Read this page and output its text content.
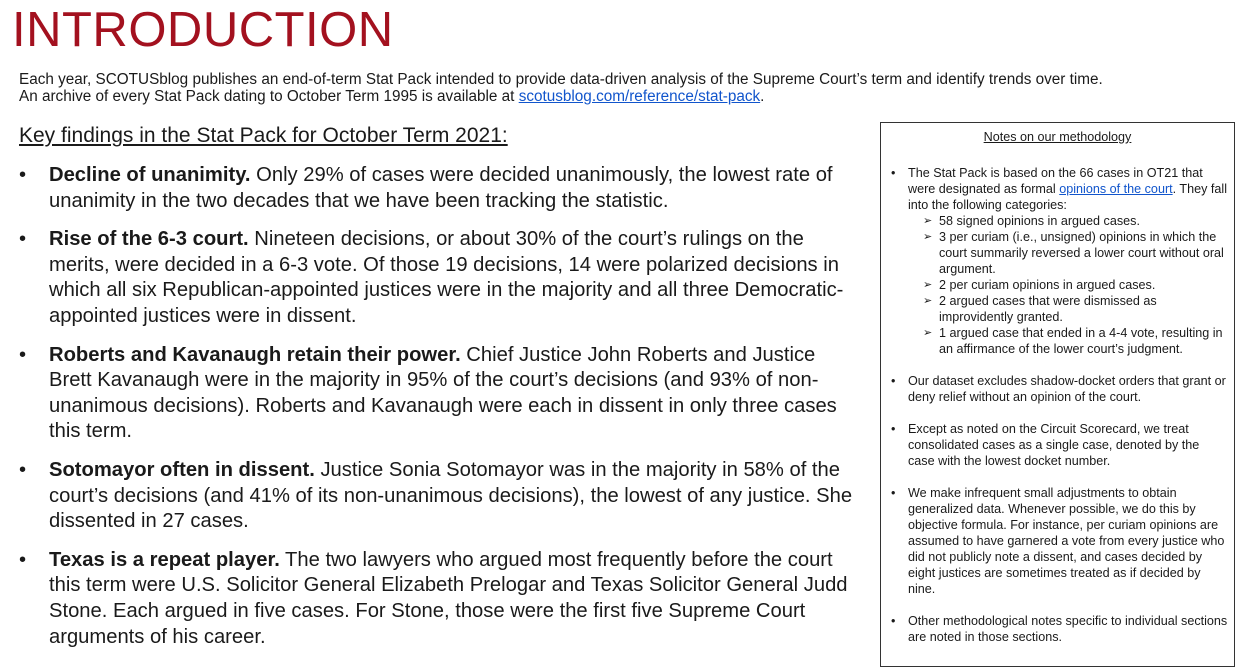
INTRODUCTION
Each year, SCOTUSblog publishes an end-of-term Stat Pack intended to provide data-driven analysis of the Supreme Court’s term and identify trends over time.
An archive of every Stat Pack dating to October Term 1995 is available at scotusblog.com/reference/stat-pack.
Key findings in the Stat Pack for October Term 2021:
• Decline of unanimity. Only 29% of cases were decided unanimously, the lowest rate of unanimity in the two decades that we have been tracking the statistic.
• Rise of the 6-3 court. Nineteen decisions, or about 30% of the court’s rulings on the merits, were decided in a 6-3 vote. Of those 19 decisions, 14 were polarized decisions in which all six Republican-appointed justices were in the majority and all three Democratic-appointed justices were in dissent.
• Roberts and Kavanaugh retain their power. Chief Justice John Roberts and Justice Brett Kavanaugh were in the majority in 95% of the court’s decisions (and 93% of non-unanimous decisions). Roberts and Kavanaugh were each in dissent in only three cases this term.
• Sotomayor often in dissent. Justice Sonia Sotomayor was in the majority in 58% of the court’s decisions (and 41% of its non-unanimous decisions), the lowest of any justice. She dissented in 27 cases.
• Texas is a repeat player. The two lawyers who argued most frequently before the court this term were U.S. Solicitor General Elizabeth Prelogar and Texas Solicitor General Judd Stone. Each argued in five cases. For Stone, those were the first five Supreme Court arguments of his career.
Notes on our methodology
• The Stat Pack is based on the 66 cases in OT21 that were designated as formal opinions of the court. They fall into the following categories:
➢ 58 signed opinions in argued cases.
➢ 3 per curiam (i.e., unsigned) opinions in which the court summarily reversed a lower court without oral argument.
➢ 2 per curiam opinions in argued cases.
➢ 2 argued cases that were dismissed as improvidently granted.
➢ 1 argued case that ended in a 4-4 vote, resulting in an affirmance of the lower court’s judgment.
• Our dataset excludes shadow-docket orders that grant or deny relief without an opinion of the court.
• Except as noted on the Circuit Scorecard, we treat consolidated cases as a single case, denoted by the case with the lowest docket number.
• We make infrequent small adjustments to obtain generalized data. Whenever possible, we do this by objective formula. For instance, per curiam opinions are assumed to have garnered a vote from every justice who did not publicly note a dissent, and cases decided by eight justices are sometimes treated as if decided by nine.
• Other methodological notes specific to individual sections are noted in those sections.
